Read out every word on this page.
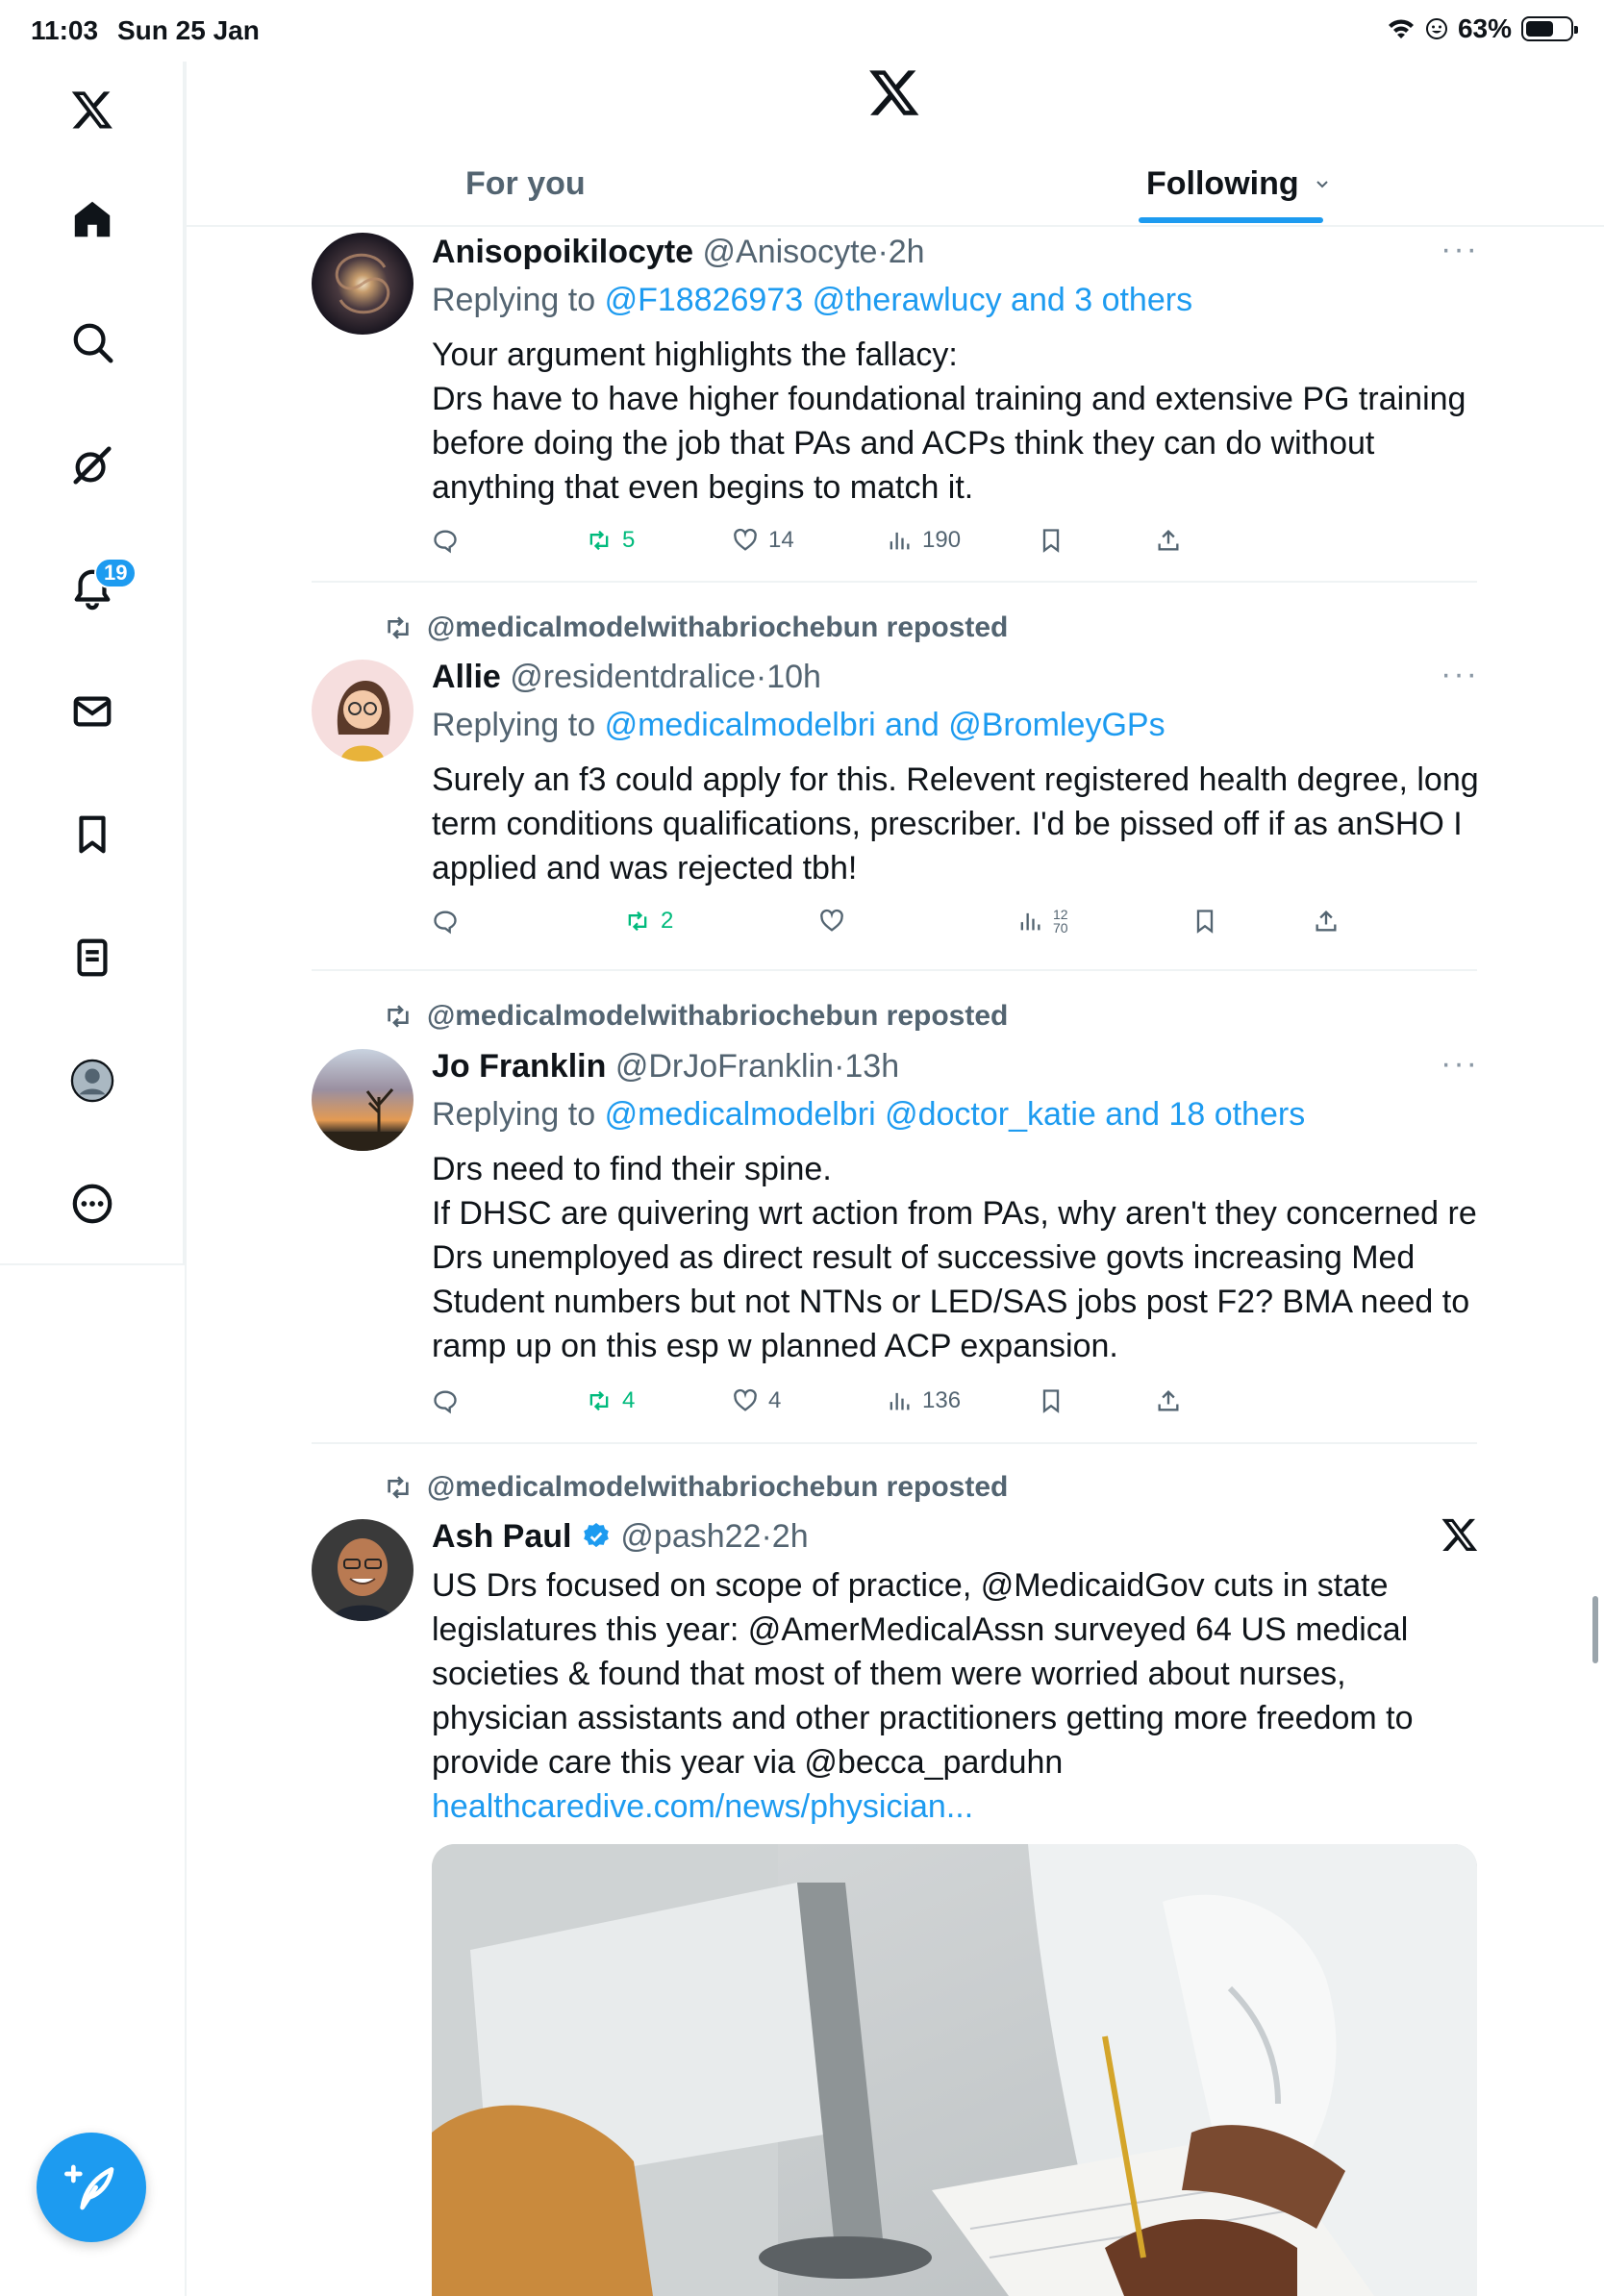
11:03 Sun 25 Jan	63%
19
For you	Following
Anisopoikilocyte @Anisocyte·2h
Replying to @F18826973 @therawlucy and 3 others
Your argument highlights the fallacy:
Drs have to have higher foundational training and extensive PG training before doing the job that PAs and ACPs think they can do without anything that even begins to match it.
···
5	14	190
@medicalmodelwithabriochebun reposted
Allie @residentdralice·10h
Replying to @medicalmodelbri and @BromleyGPs
Surely an f3 could apply for this. Relevent registered health degree, long term conditions qualifications, prescriber. I'd be pissed off if as anSHO I applied and was rejected tbh!
···
2	12
70
@medicalmodelwithabriochebun reposted
Jo Franklin @DrJoFranklin·13h
Replying to @medicalmodelbri @doctor_katie and 18 others
Drs need to find their spine.
If DHSC are quivering wrt action from PAs, why aren't they concerned re Drs unemployed as direct result of successive govts increasing Med Student numbers but not NTNs or LED/SAS jobs post F2? BMA need to ramp up on this esp w planned ACP expansion.
···
4	4	136
@medicalmodelwithabriochebun reposted
Ash Paul @pash22·2h
US Drs focused on scope of practice, @MedicaidGov cuts in state legislatures this year: @AmerMedicalAssn surveyed 64 US medical societies & found that most of them were worried about nurses, physician assistants and other practitioners getting more freedom to provide care this year via @becca_parduhn
healthcaredive.com/news/physician...
